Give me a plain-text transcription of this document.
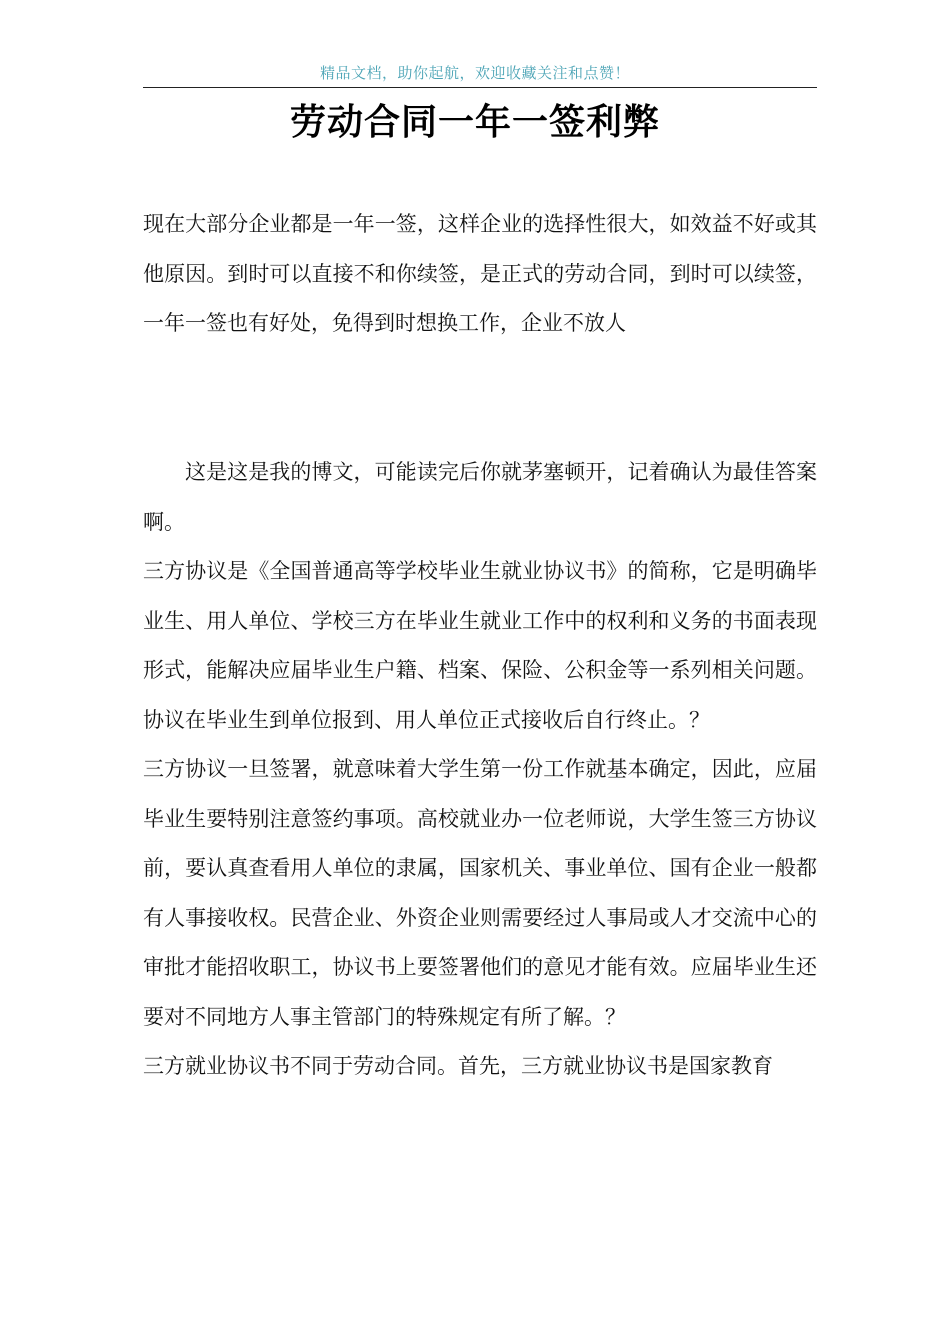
精品文档，助你起航，欢迎收藏关注和点赞！
劳动合同一年一签利弊

现在大部分企业都是一年一签，这样企业的选择性很大，如效益不好或其他原因。到时可以直接不和你续签，是正式的劳动合同，到时可以续签，一年一签也有好处，免得到时想换工作，企业不放人

这是这是我的博文，可能读完后你就茅塞顿开，记着确认为最佳答案啊。

三方协议是《全国普通高等学校毕业生就业协议书》的简称，它是明确毕业生、用人单位、学校三方在毕业生就业工作中的权利和义务的书面表现形式，能解决应届毕业生户籍、档案、保险、公积金等一系列相关问题。协议在毕业生到单位报到、用人单位正式接收后自行终止。？

三方协议一旦签署，就意味着大学生第一份工作就基本确定，因此，应届毕业生要特别注意签约事项。高校就业办一位老师说，大学生签三方协议前，要认真查看用人单位的隶属，国家机关、事业单位、国有企业一般都有人事接收权。民营企业、外资企业则需要经过人事局或人才交流中心的审批才能招收职工，协议书上要签署他们的意见才能有效。应届毕业生还要对不同地方人事主管部门的特殊规定有所了解。？

三方就业协议书不同于劳动合同。首先，三方就业协议书是国家教育
